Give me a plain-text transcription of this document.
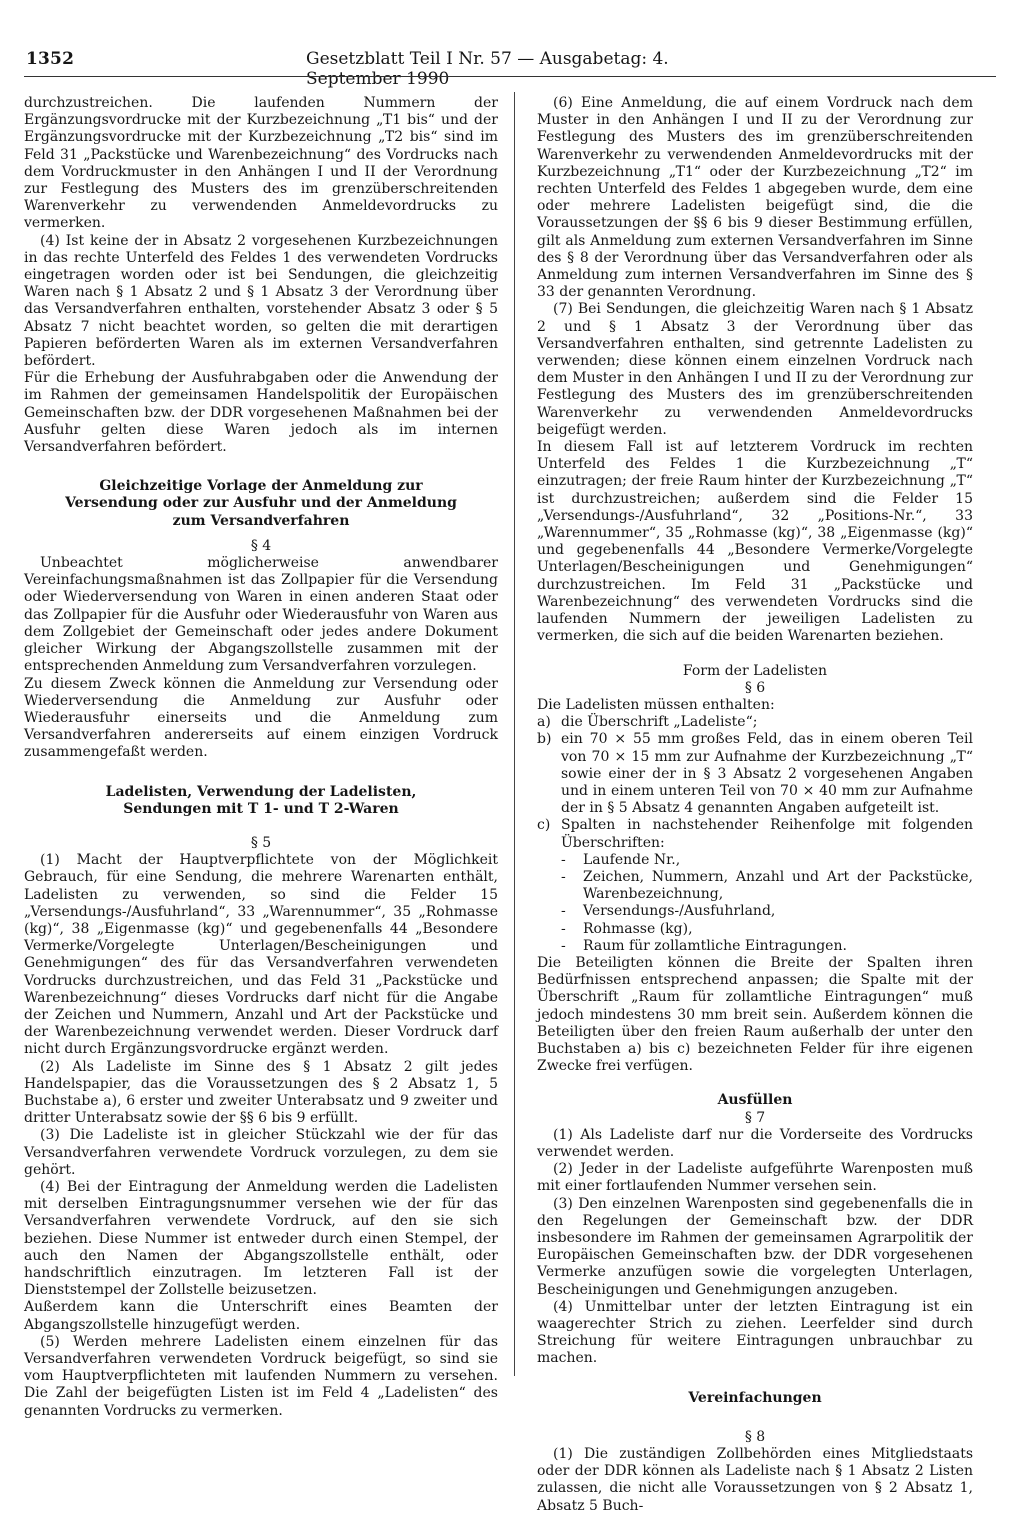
1352	Gesetzblatt Teil I Nr. 57 — Ausgabetag: 4. September 1990

durchzustreichen. Die laufenden Nummern der Ergänzungsvordrucke mit der Kurzbezeichnung „T1 bis“ und der Ergänzungsvordrucke mit der Kurzbezeichnung „T2 bis“ sind im Feld 31 „Packstücke und Warenbezeichnung“ des Vordrucks nach dem Vordruckmuster in den Anhängen I und II der Verordnung zur Festlegung des Musters des im grenzüberschreitenden Warenverkehr zu verwendenden Anmeldevordrucks zu vermerken.

(4) Ist keine der in Absatz 2 vorgesehenen Kurzbezeichnungen in das rechte Unterfeld des Feldes 1 des verwendeten Vordrucks eingetragen worden oder ist bei Sendungen, die gleichzeitig Waren nach § 1 Absatz 2 und § 1 Absatz 3 der Verordnung über das Versandverfahren enthalten, vorstehender Absatz 3 oder § 5 Absatz 7 nicht beachtet worden, so gelten die mit derartigen Papieren beförderten Waren als im externen Versandverfahren befördert.

Für die Erhebung der Ausfuhrabgaben oder die Anwendung der im Rahmen der gemeinsamen Handelspolitik der Europäischen Gemeinschaften bzw. der DDR vorgesehenen Maßnahmen bei der Ausfuhr gelten diese Waren jedoch als im internen Versandverfahren befördert.

Gleichzeitige Vorlage der Anmeldung zur Versendung oder zur Ausfuhr und der Anmeldung zum Versandverfahren

§ 4

Unbeachtet möglicherweise anwendbarer Vereinfachungsmaßnahmen ist das Zollpapier für die Versendung oder Wiederversendung von Waren in einen anderen Staat oder das Zollpapier für die Ausfuhr oder Wiederausfuhr von Waren aus dem Zollgebiet der Gemeinschaft oder jedes andere Dokument gleicher Wirkung der Abgangszollstelle zusammen mit der entsprechenden Anmeldung zum Versandverfahren vorzulegen.

Zu diesem Zweck können die Anmeldung zur Versendung oder Wiederversendung die Anmeldung zur Ausfuhr oder Wiederausfuhr einerseits und die Anmeldung zum Versandverfahren andererseits auf einem einzigen Vordruck zusammengefaßt werden.

Ladelisten, Verwendung der Ladelisten, Sendungen mit T 1- und T 2-Waren

§ 5

(1) Macht der Hauptverpflichtete von der Möglichkeit Gebrauch, für eine Sendung, die mehrere Warenarten enthält, Ladelisten zu verwenden, so sind die Felder 15 „Versendungs-/Ausfuhrland“, 33 „Warennummer“, 35 „Rohmasse (kg)“, 38 „Eigenmasse (kg)“ und gegebenenfalls 44 „Besondere Vermerke/Vorgelegte Unterlagen/Bescheinigungen und Genehmigungen“ des für das Versandverfahren verwendeten Vordrucks durchzustreichen, und das Feld 31 „Packstücke und Warenbezeichnung“ dieses Vordrucks darf nicht für die Angabe der Zeichen und Nummern, Anzahl und Art der Packstücke und der Warenbezeichnung verwendet werden. Dieser Vordruck darf nicht durch Ergänzungsvordrucke ergänzt werden.

(2) Als Ladeliste im Sinne des § 1 Absatz 2 gilt jedes Handelspapier, das die Voraussetzungen des § 2 Absatz 1, 5 Buchstabe a), 6 erster und zweiter Unterabsatz und 9 zweiter und dritter Unterabsatz sowie der §§ 6 bis 9 erfüllt.

(3) Die Ladeliste ist in gleicher Stückzahl wie der für das Versandverfahren verwendete Vordruck vorzulegen, zu dem sie gehört.

(4) Bei der Eintragung der Anmeldung werden die Ladelisten mit derselben Eintragungsnummer versehen wie der für das Versandverfahren verwendete Vordruck, auf den sie sich beziehen. Diese Nummer ist entweder durch einen Stempel, der auch den Namen der Abgangszollstelle enthält, oder handschriftlich einzutragen. Im letzteren Fall ist der Dienststempel der Zollstelle beizusetzen.

Außerdem kann die Unterschrift eines Beamten der Abgangszollstelle hinzugefügt werden.

(5) Werden mehrere Ladelisten einem einzelnen für das Versandverfahren verwendeten Vordruck beigefügt, so sind sie vom Hauptverpflichteten mit laufenden Nummern zu versehen. Die Zahl der beigefügten Listen ist im Feld 4 „Ladelisten“ des genannten Vordrucks zu vermerken.

(6) Eine Anmeldung, die auf einem Vordruck nach dem Muster in den Anhängen I und II zu der Verordnung zur Festlegung des Musters des im grenzüberschreitenden Warenverkehr zu verwendenden Anmeldevordrucks mit der Kurzbezeichnung „T1“ oder der Kurzbezeichnung „T2“ im rechten Unterfeld des Feldes 1 abgegeben wurde, dem eine oder mehrere Ladelisten beigefügt sind, die die Voraussetzungen der §§ 6 bis 9 dieser Bestimmung erfüllen, gilt als Anmeldung zum externen Versandverfahren im Sinne des § 8 der Verordnung über das Versandverfahren oder als Anmeldung zum internen Versandverfahren im Sinne des § 33 der genannten Verordnung.

(7) Bei Sendungen, die gleichzeitig Waren nach § 1 Absatz 2 und § 1 Absatz 3 der Verordnung über das Versandverfahren enthalten, sind getrennte Ladelisten zu verwenden; diese können einem einzelnen Vordruck nach dem Muster in den Anhängen I und II zu der Verordnung zur Festlegung des Musters des im grenzüberschreitenden Warenverkehr zu verwendenden Anmeldevordrucks beigefügt werden.

In diesem Fall ist auf letzterem Vordruck im rechten Unterfeld des Feldes 1 die Kurzbezeichnung „T“ einzutragen; der freie Raum hinter der Kurzbezeichnung „T“ ist durchzustreichen; außerdem sind die Felder 15 „Versendungs-/Ausfuhrland“, 32 „Positions-Nr.“, 33 „Warennummer“, 35 „Rohmasse (kg)“, 38 „Eigenmasse (kg)“ und gegebenenfalls 44 „Besondere Vermerke/Vorgelegte Unterlagen/Bescheinigungen und Genehmigungen“ durchzustreichen. Im Feld 31 „Packstücke und Warenbezeichnung“ des verwendeten Vordrucks sind die laufenden Nummern der jeweiligen Ladelisten zu vermerken, die sich auf die beiden Warenarten beziehen.

Form der Ladelisten

§ 6

Die Ladelisten müssen enthalten:

a) die Überschrift „Ladeliste“;
b) ein 70 × 55 mm großes Feld, das in einem oberen Teil von 70 × 15 mm zur Aufnahme der Kurzbezeichnung „T“ sowie einer der in § 3 Absatz 2 vorgesehenen Angaben und in einem unteren Teil von 70 × 40 mm zur Aufnahme der in § 5 Absatz 4 genannten Angaben aufgeteilt ist.
c) Spalten in nachstehender Reihenfolge mit folgenden Überschriften:
-	Laufende Nr.,
-	Zeichen, Nummern, Anzahl und Art der Packstücke, Warenbezeichnung,
-	Versendungs-/Ausfuhrland,
-	Rohmasse (kg),
-	Raum für zollamtliche Eintragungen.

Die Beteiligten können die Breite der Spalten ihren Bedürfnissen entsprechend anpassen; die Spalte mit der Überschrift „Raum für zollamtliche Eintragungen“ muß jedoch mindestens 30 mm breit sein. Außerdem können die Beteiligten über den freien Raum außerhalb der unter den Buchstaben a) bis c) bezeichneten Felder für ihre eigenen Zwecke frei verfügen.

Ausfüllen

§ 7

(1) Als Ladeliste darf nur die Vorderseite des Vordrucks verwendet werden.

(2) Jeder in der Ladeliste aufgeführte Warenposten muß mit einer fortlaufenden Nummer versehen sein.

(3) Den einzelnen Warenposten sind gegebenenfalls die in den Regelungen der Gemeinschaft bzw. der DDR insbesondere im Rahmen der gemeinsamen Agrarpolitik der Europäischen Gemeinschaften bzw. der DDR vorgesehenen Vermerke anzufügen sowie die vorgelegten Unterlagen, Bescheinigungen und Genehmigungen anzugeben.

(4) Unmittelbar unter der letzten Eintragung ist ein waagerechter Strich zu ziehen. Leerfelder sind durch Streichung für weitere Eintragungen unbrauchbar zu machen.

Vereinfachungen

§ 8

(1) Die zuständigen Zollbehörden eines Mitgliedstaats oder der DDR können als Ladeliste nach § 1 Absatz 2 Listen zulassen, die nicht alle Voraussetzungen von § 2 Absatz 1, Absatz 5 Buch-
